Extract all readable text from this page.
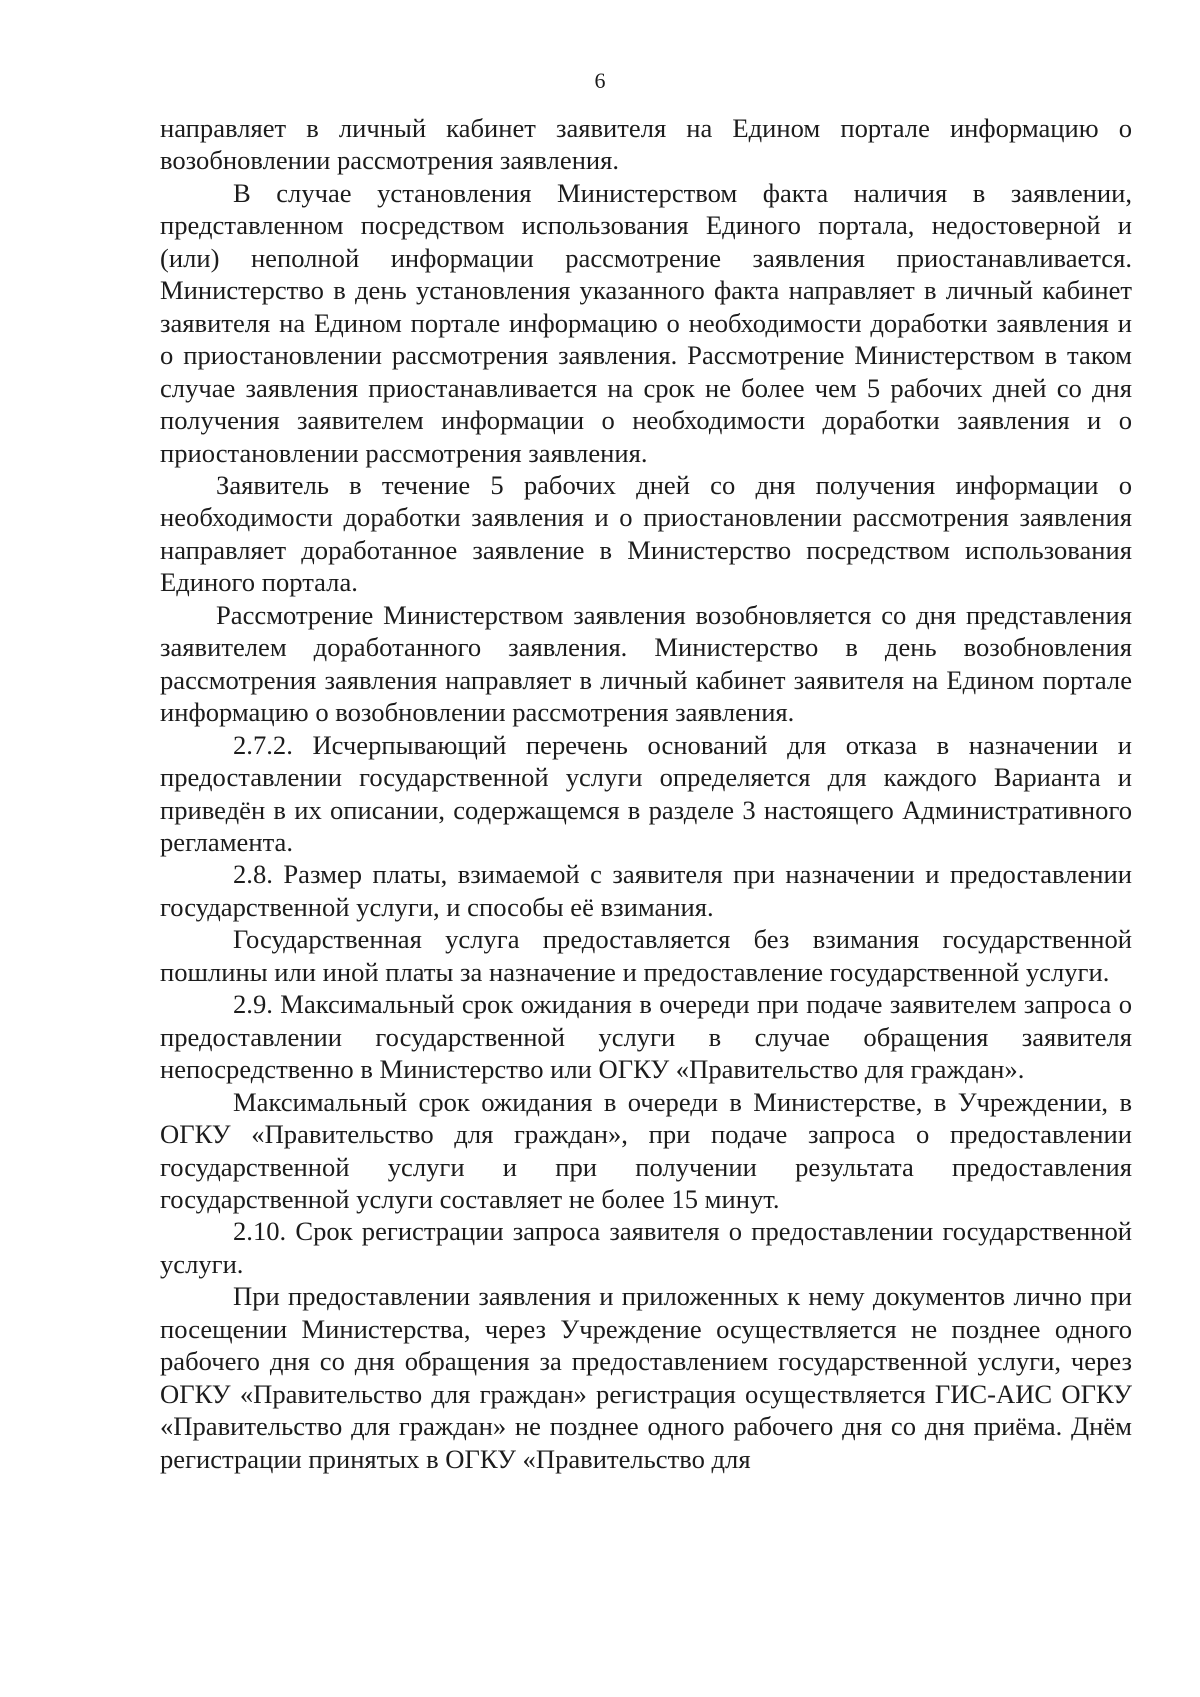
6

направляет в личный кабинет заявителя на Едином портале информацию о возобновлении рассмотрения заявления.

В случае установления Министерством факта наличия в заявлении, представленном посредством использования Единого портала, недостоверной и (или) неполной информации рассмотрение заявления приостанавливается. Министерство в день установления указанного факта направляет в личный кабинет заявителя на Едином портале информацию о необходимости доработки заявления и о приостановлении рассмотрения заявления. Рассмотрение Министерством в таком случае заявления приостанавливается на срок не более чем 5 рабочих дней со дня получения заявителем информации о необходимости доработки заявления и о приостановлении рассмотрения заявления.

Заявитель в течение 5 рабочих дней со дня получения информации о необходимости доработки заявления и о приостановлении рассмотрения заявления направляет доработанное заявление в Министерство посредством использования Единого портала.

Рассмотрение Министерством заявления возобновляется со дня представления заявителем доработанного заявления. Министерство в день возобновления рассмотрения заявления направляет в личный кабинет заявителя на Едином портале информацию о возобновлении рассмотрения заявления.

2.7.2. Исчерпывающий перечень оснований для отказа в назначении и предоставлении государственной услуги определяется для каждого Варианта и приведён в их описании, содержащемся в разделе 3 настоящего Административного регламента.

2.8. Размер платы, взимаемой с заявителя при назначении и предоставлении государственной услуги, и способы её взимания.

Государственная услуга предоставляется без взимания государственной пошлины или иной платы за назначение и предоставление государственной услуги.

2.9. Максимальный срок ожидания в очереди при подаче заявителем запроса о предоставлении государственной услуги в случае обращения заявителя непосредственно в Министерство или ОГКУ «Правительство для граждан».

Максимальный срок ожидания в очереди в Министерстве, в Учреждении, в ОГКУ «Правительство для граждан», при подаче запроса о предоставлении государственной услуги и при получении результата предоставления государственной услуги составляет не более 15 минут.

2.10. Срок регистрации запроса заявителя о предоставлении государственной услуги.

При предоставлении заявления и приложенных к нему документов лично при посещении Министерства, через Учреждение осуществляется не позднее одного рабочего дня со дня обращения за предоставлением государственной услуги, через ОГКУ «Правительство для граждан» регистрация осуществляется ГИС-АИС ОГКУ «Правительство для граждан» не позднее одного рабочего дня со дня приёма. Днём регистрации принятых в ОГКУ «Правительство для
